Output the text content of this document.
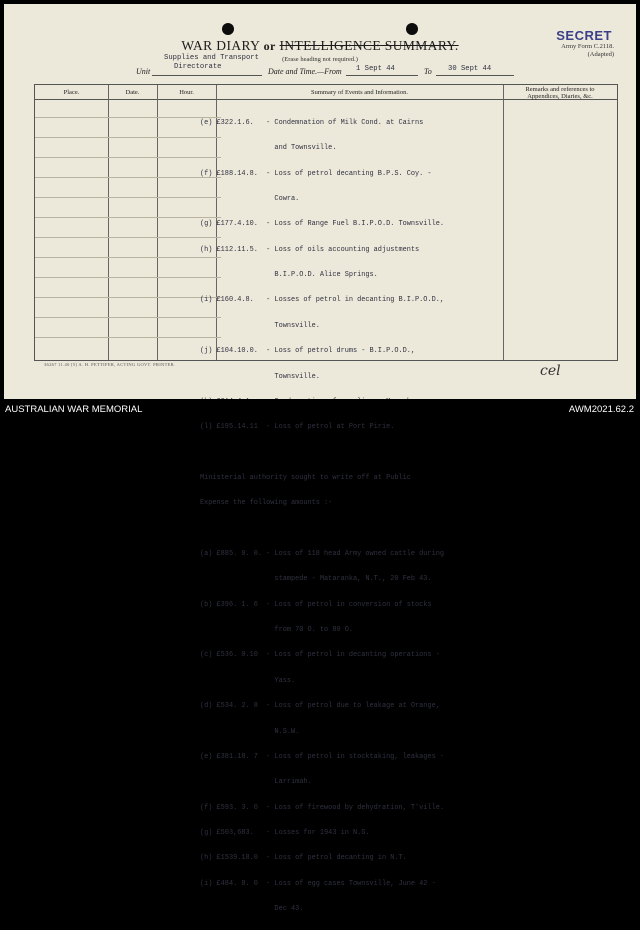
WAR DIARY or INTELLIGENCE SUMMARY.
(Erase heading not required.)
SECRET
Army Form C.2118.
(Adapted)
Unit
Supplies and Transport
Directorate	Date and Time.—From 1 Sept 44	To 30 Sept 44
Place.	Date.	Hour.	Summary of Events and Information.	Remarks and references to
Appendices, Diaries, &c.

(e) £322.1.6.   - Condemnation of Milk Cond. at Cairns

and Townsville.

(f) £188.14.8.  - Loss of petrol decanting B.P.S. Coy. -

Cowra.

(g) £177.4.10.  - Loss of Range Fuel B.I.P.O.D. Townsville.

(h) £112.11.5.  - Loss of oils accounting adjustments

B.I.P.O.D. Alice Springs.

(i) £160.4.8.   - Losses of petrol in decanting B.I.P.O.D.,

Townsville.

(j) £104.10.0.  - Loss of petrol drums - B.I.P.O.D.,

Townsville.

(l) £195.14.11  - Loss of petrol at Port Pirie.

Ministerial authority sought to write off at Public

Expense the following amounts :-

(a) £885. 0. 0. - Loss of 118 head Army owned cattle during

stampede - Mataranka, N.T., 20 Feb 43.

(b) £396. 1. 6  - Loss of petrol in conversion of stocks

from 70 O. to 80 O.

(c) £536. 0.10  - Loss of petrol in decanting operations -

Yass.

(d) £534. 2. 8  - Loss of petrol due to leakage at Orange,

N.S.W.

(e) £381.18. 7  - Loss of petrol in stocktaking, leakages -

Larrimah.

(f) £593. 3. 0  - Loss of firewood by dehydration, T'ville.

(g) £503,683.   - Losses for 1943 in N.G.

(h) £1539.18.0  - Loss of petrol decanting in N.T.

(i) £484. 8. 0  - Loss of egg cases Townsville, June 42 -

Dec 43.

36267 11.40 [5] A. H. PETTIFER, ACTING GOVT. PRINTER.	cel
AUSTRALIAN WAR MEMORIAL	AWM2021.62.2
